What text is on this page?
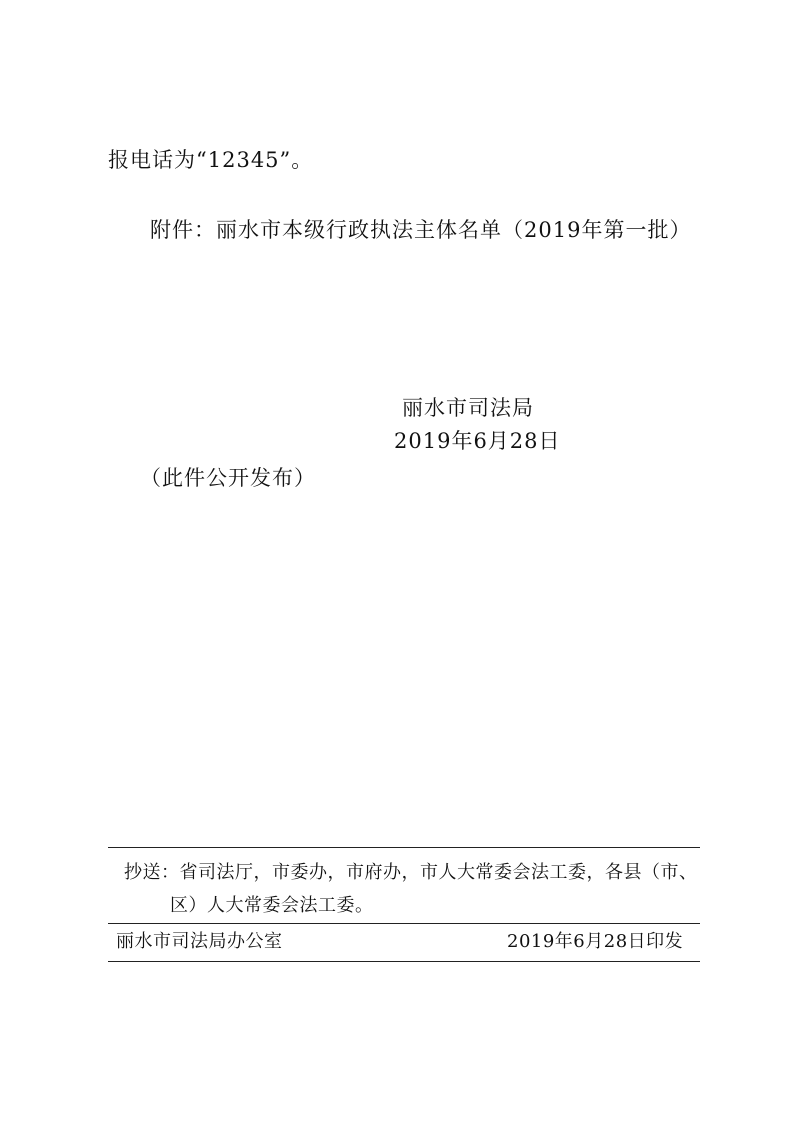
报电话为“12345”。
附件：丽水市本级行政执法主体名单（2019年第一批）
丽水市司法局
2019年6月28日
（此件公开发布）
抄送：省司法厅，市委办，市府办，市人大常委会法工委，各县（市、
区）人大常委会法工委。
丽水市司法局办公室	2019年6月28日印发
